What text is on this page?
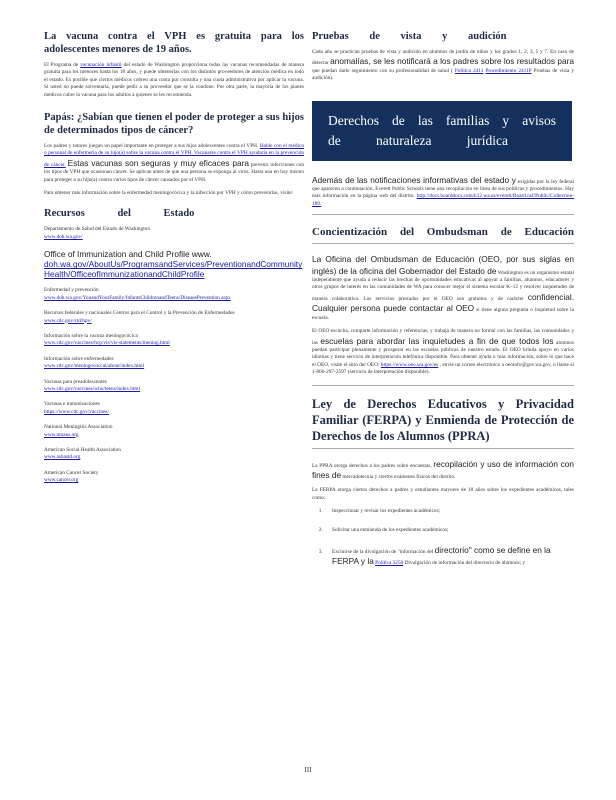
La vacuna contra el VPH es gratuita para los adolescentes menores de 19 años.

El Programa de vacunación infantil del estado de Washington proporciona todas las vacunas recomendadas de manera gratuita para los menores hasta los 18 años, y puede obtenerlas con los distintos proveedores de atención médica en todo el estado. Es posible que ciertos médicos cobren una cuota por consulta y una cuota administrativa por aplicar la vacuna. Si usted no puede solventarla, puede pedir a su proveedor que se la condone. Por otra parte, la mayoría de los planes médicos cubre la vacuna para los adultos a quienes se les recomienda.

Papás: ¿Sabían que tienen el poder de proteger a sus hijos de determinados tipos de cáncer?

Los padres y tutores juegan un papel importante en proteger a sus hijos adolescentes contra el VPH. Hable con el médico o personal de enfermería de su hijo(a) sobre la vacuna contra el VPH. Vacunarse contra el VPH ayudaría en la prevención de cáncer. Estas vacunas son seguras y muy eficaces para prevenir infecciones con los tipos de VPH que ocasionan cáncer. Se aplican antes de que una persona se exponga al virus. Hasta una en hoy mismo para proteger a su hijo(a) contra varios tipos de cáncer causados por el VPH.

Para obtener más información sobre la enfermedad meningocócica y la infección por VPH y cómo prevenirlas, visite:

Recursos del Estado
Departamento de Salud del Estado de Washington
www.doh.wa.gov/
Office of Immunization and Child Profile www.
doh.wa.gov/AboutUs/ProgramsandServices/PreventionandCommunityHealth/OfficeofImmunizationandChildProfile
Enfermedad y prevención
www.doh.wa.gov/YouandYourFamily/InfantsChildrenandTeens/DiseasePrevention.aspx
Recursos federales y nacionales Centros para el Control y la Prevención de Enfermedades
www.cdc.gov/std/hpv/
Información sobre la vacuna meningocócica
www.cdc.gov/vaccines/hcp/vis/vis-statements/mening.html
Información sobre enfermedades
www.cdc.gov/meningococcal/about/index.html
Vacunas para preadolescentes
www.cdc.gov/vaccines/who/teens/index.html
Vacunas e inmunizaciones
https://www.cdc.gov/vaccines/
National Meningitis Association
www.nmaus.org
American Social Health Association
www.ashastd.org
American Cancer Society
www.cancer.org
Pruebas de vista y audición

Cada año se practican pruebas de vista y audición en alumnos de jardín de niños y los grados 1, 2, 3, 5 y 7. En caso de detectar anomalías, se les notificará a los padres sobre los resultados para que puedan darle seguimiento con su profesionalidad de salud ( Política 2411 Procedimiento 2411P Pruebas de vista y audición).

Derechos de las familias y avisos
de naturaleza jurídica

Además de las notificaciones informativas del estado y exigidas por la ley federal que aparecen a continuación, Everett Public Schools tiene una recopilación en línea de sus políticas y procedimientos. Hay más información en la página web del distrito. http://docs.boarddocs.com/k12.wa.us/everett/Board.nsf/Public/Collection-189.

Concientización del Ombudsman de Educación

La Oficina del Ombudsman de Educación (OEO, por sus siglas en inglés) de la oficina del Gobernador del Estado de Washington es un organismo estatal independiente que ayuda a reducir las brechas de oportunidades educativas al apoyar a familias, alumnos, educadores y otros grupos de interés en las comunidades de WA para conocer mejor el sistema escolar K–12 y resolver inquietudes de manera colaborativa. Los servicios prestados por el OEO son gratuitos y de carácter confidencial. Cualquier persona puede contactar al OEO si tiene alguna pregunta o inquietud sobre la escuela.

El OEO escucha, comparte información y referencias, y trabaja de manera no formal con las familias, las comunidades y las escuelas para abordar las inquietudes a fin de que todos los alumnos puedan participar plenamente y prosperar en las escuelas públicas de nuestro estado. El OEO brinda apoyo en varios idiomas y tiene servicio de interpretación telefónica disponible. Para obtener ayuda o más información, sobre lo que hace el OEO, visite el sitio del OEO: https://www.oeo.wa.gov/es , envíe un correo electrónico a oeoinfo@gov.wa.gov, o llame al 1-866-297-2597 (servicio de interpretación disponible).

Ley de Derechos Educativos y Privacidad Familiar (FERPA) y Enmienda de Protección de Derechos de los Alumnos (PPRA)

La PPRA otorga derechos a los padres sobre encuestas, recopilación y uso de información con fines de mercadotecnia y ciertos exámenes físicos del distrito.

La FERPA otorga ciertos derechos a padres y estudiantes mayores de 18 años sobre los expedientes académicos, tales como:

1. Inspeccionar y revisar los expedientes académicos;
2. Solicitar una enmienda de los expedientes académicos;
3. Excluirse de la divulgación de "información del directorio" como se define en la FERPA y la Política 3250 Divulgación de información del directorio de alumnos; y
III
